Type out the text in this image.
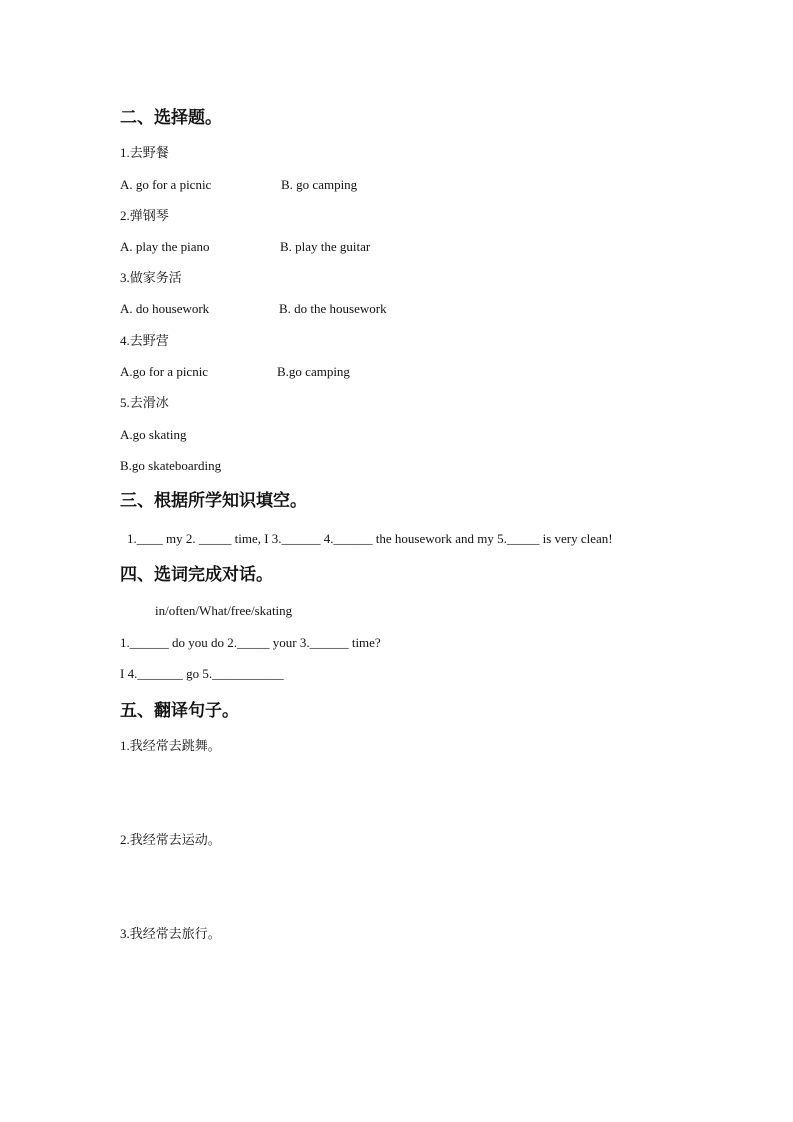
二、选择题。
1.去野餐
A. go for a picnic	B. go camping
2.弹钢琴
A. play the piano	B. play the guitar
3.做家务活
A. do housework	B. do the housework
4.去野营
A.go for a picnic	B.go camping
5.去滑冰
A.go skating
B.go skateboarding
三、根据所学知识填空。
1.____ my 2. _____ time, I 3.______ 4.______ the housework and my 5._____ is very clean!
四、选词完成对话。
in/often/What/free/skating
1.______ do you do 2._____ your 3.______ time?
I 4._______ go 5.___________
五、翻译句子。
1.我经常去跳舞。
2.我经常去运动。
3.我经常去旅行。
